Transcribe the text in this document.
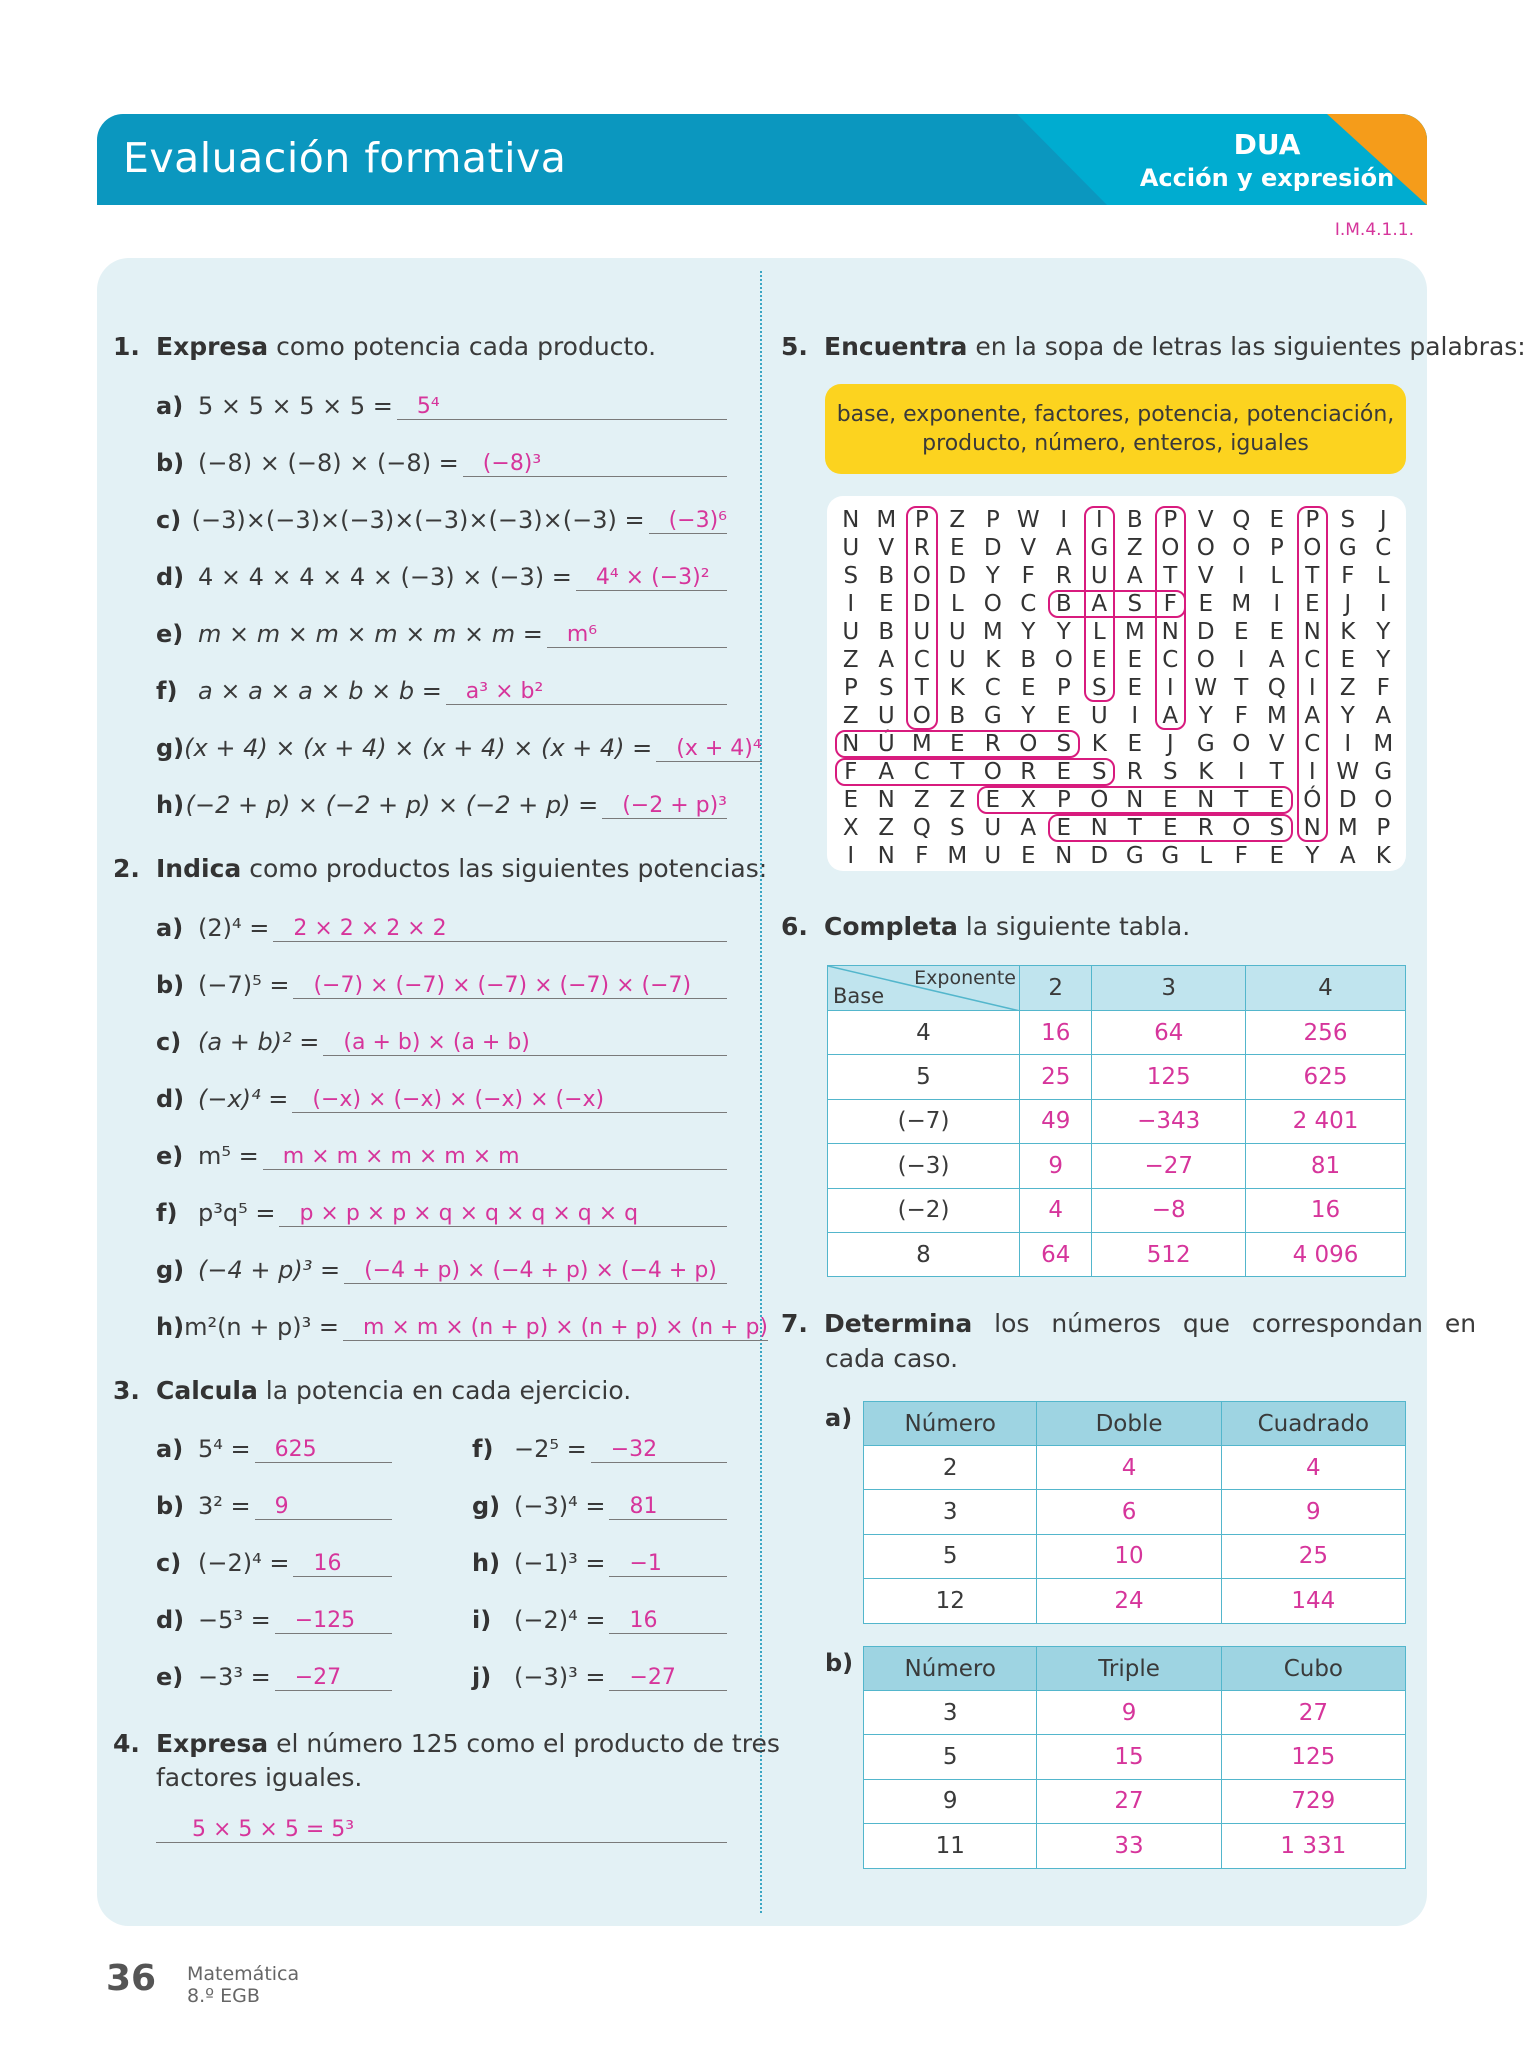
Evaluación formativa	DUA
Acción y expresión
I.M.4.1.1.
1. Expresa como potencia cada producto.
a) 5 × 5 × 5 × 5 =	5⁴
b) (−8) × (−8) × (−8) =	(−8)³
c) (−3)×(−3)×(−3)×(−3)×(−3)×(−3) =	(−3)⁶
d) 4 × 4 × 4 × 4 × (−3) × (−3) =	4⁴ × (−3)²
e) m × m × m × m × m × m =	m⁶
f) a × a × a × b × b =	a³ × b²
g) (x + 4) × (x + 4) × (x + 4) × (x + 4) =	(x + 4)⁴
h) (−2 + p) × (−2 + p) × (−2 + p) =	(−2 + p)³
2. Indica como productos las siguientes potencias:
a) (2)⁴ =	2 × 2 × 2 × 2
b) (−7)⁵ =	(−7) × (−7) × (−7) × (−7) × (−7)
c) (a + b)² =	(a + b) × (a + b)
d) (−x)⁴ =	(−x) × (−x) × (−x) × (−x)
e) m⁵ =	m × m × m × m × m
f) p³q⁵ =	p × p × p × q × q × q × q × q
g) (−4 + p)³ =	(−4 + p) × (−4 + p) × (−4 + p)
h) m²(n + p)³ =	m × m × (n + p) × (n + p) × (n + p)
3. Calcula la potencia en cada ejercicio.
a) 5⁴ =	625
b) 3² =	9
c) (−2)⁴ =	16
d) −5³ =	−125
e) −3³ =	−27
f) −2⁵ =	−32
g) (−3)⁴ =	81
h) (−1)³ =	−1
i) (−2)⁴ =	16
j) (−3)³ =	−27
4. Expresa el número 125 como el producto de tres
factores iguales.
5 × 5 × 5 = 5³
5. Encuentra en la sopa de letras las siguientes palabras:
base, exponente, factores, potencia, potenciación,
producto, número, enteros, iguales
N M P Z P W I	I	B P V Q E P S	J
U V R E D V A G Z O O O P O G C
S B O D Y F R U A T V	I	L T F L
I	E D L O C B A S F E M I	E	J	I
U B U U M Y Y L M N D E E N K Y
Z A C U K B O E E C O	I	A C E Y
P S T K C E P S E	I W T Q	I	Z F
Z U O B G Y E U	I	A Y F M A Y A
N Ú M E R O S K E	J	G O V C	I M
F A C T O R E S R S K	I	T	I W G
E N Z Z E X P O N E N T E Ó D O
X Z Q S U A E N T E R O S N M P
I	N F M U E N D G G L F E Y A K
6. Completa la siguiente tabla.
Exponente
Base	2	3	4
4	16	64	256
5	25	125	625
(−7)	49	−343	2 401
(−3)	9	−27	81
(−2)	4	−8	16
8	64	512	4 096
7. Determina los números que correspondan en
cada caso.
a) Número	Doble	Cuadrado
2	4	4
3	6	9
5	10	25
12	24	144
b) Número	Triple	Cubo
3	9	27
5	15	125
9	27	729
11	33	1 331
36 Matemática
8.º EGB
